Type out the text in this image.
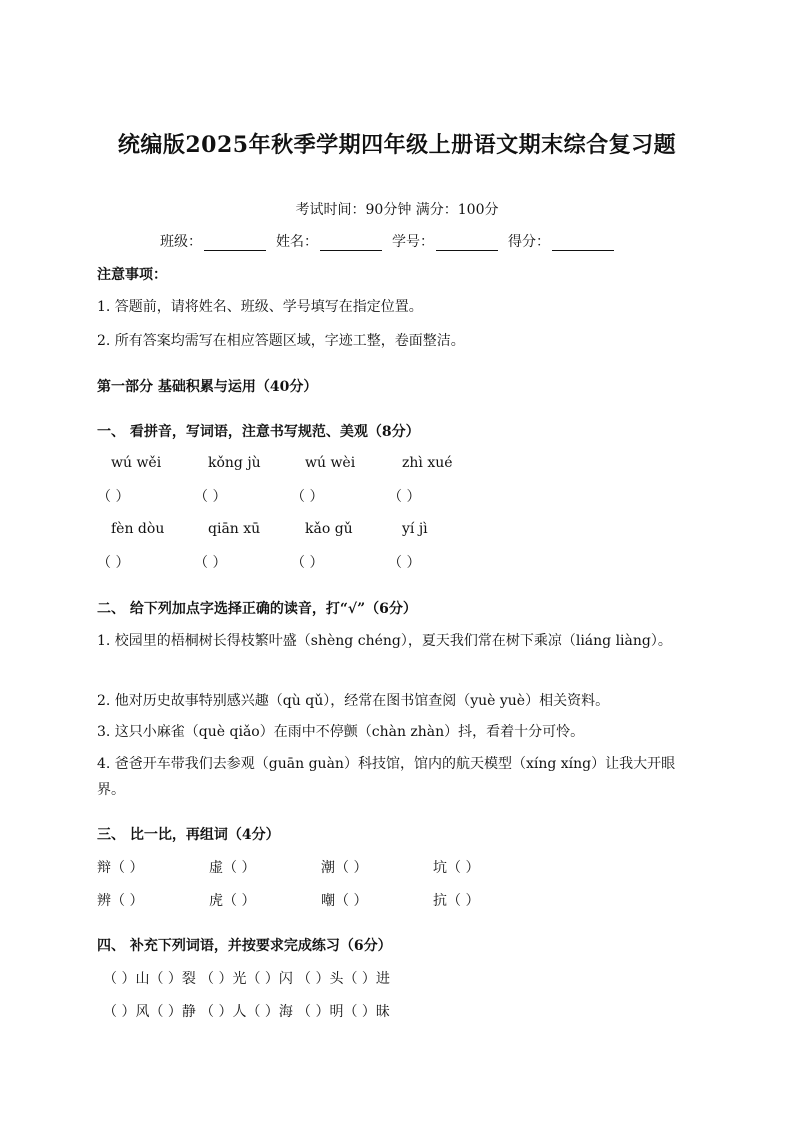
统编版2025年秋季学期四年级上册语文期末综合复习题
考试时间：90分钟 满分：100分
班级：	姓名：	学号：	得分：
注意事项：
1. 答题前，请将姓名、班级、学号填写在指定位置。
2. 所有答案均需写在相应答题区域，字迹工整，卷面整洁。
第一部分 基础积累与运用（40分）
一、 看拼音，写词语，注意书写规范、美观（8分）
wú wěi	kǒng jù	wú wèi	zhì xué
（ ）	（ ）	（ ）	（ ）
fèn dòu	qiān xū	kǎo gǔ	yí jì
（ ）	（ ）	（ ）	（ ）
二、 给下列加点字选择正确的读音，打“√”（6分）
1. 校园里的梧桐树长得枝繁叶盛（shèng chéng），夏天我们常在树下乘凉（liáng liàng）。
2. 他对历史故事特别感兴趣（qù qǔ），经常在图书馆查阅（yuè yuè）相关资料。
3. 这只小麻雀（què qiǎo）在雨中不停颤（chàn zhàn）抖，看着十分可怜。
4. 爸爸开车带我们去参观（guān guàn）科技馆，馆内的航天模型（xíng xíng）让我大开眼界。
三、 比一比，再组词（4分）
辩（ ）	虚（ ）	潮（ ）	坑（ ）
辨（ ）	虎（ ）	嘲（ ）	抗（ ）
四、 补充下列词语，并按要求完成练习（6分）
（ ）山（ ）裂 （ ）光（ ）闪 （ ）头（ ）进
（ ）风（ ）静 （ ）人（ ）海 （ ）明（ ）昧
